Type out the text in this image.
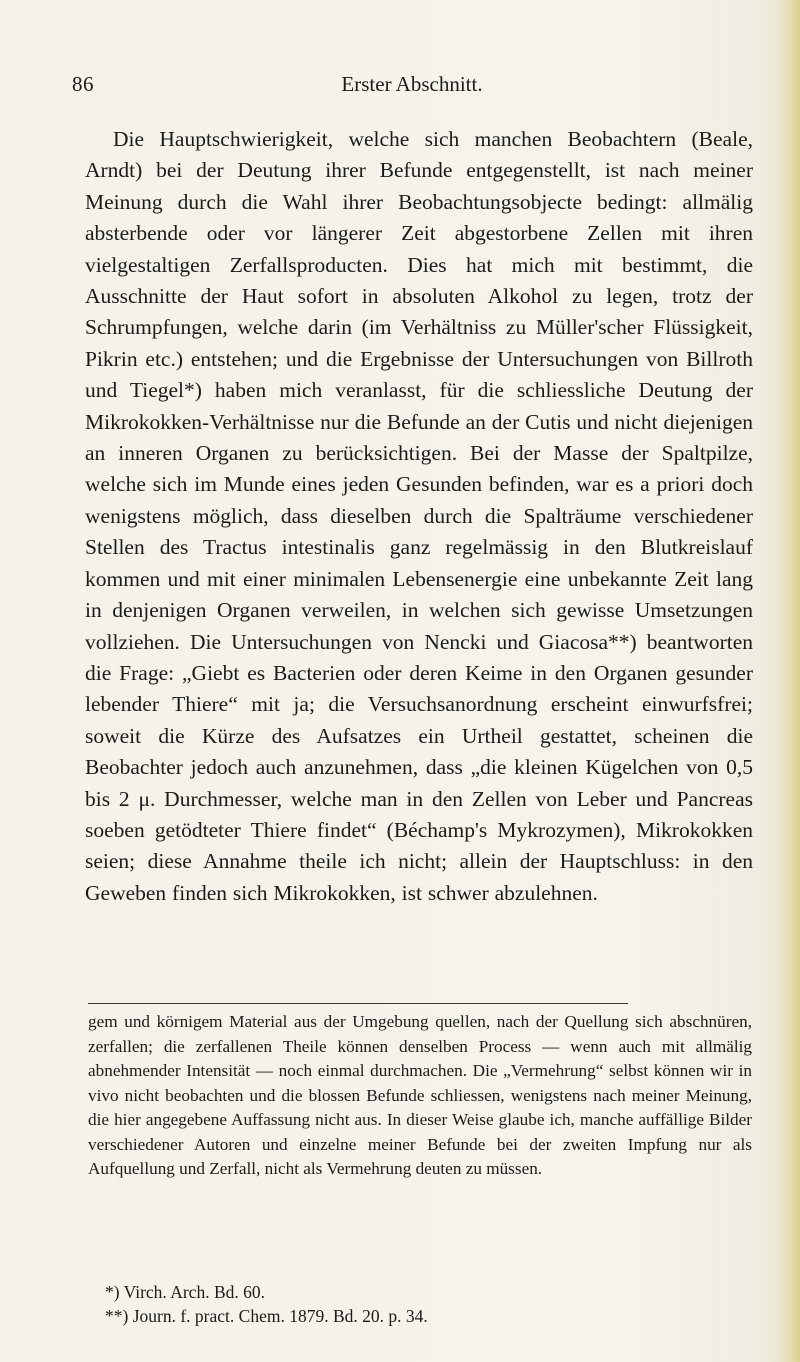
86	Erster Abschnitt.

Die Hauptschwierigkeit, welche sich manchen Beobachtern (Beale, Arndt) bei der Deutung ihrer Befunde entgegenstellt, ist nach meiner Meinung durch die Wahl ihrer Beobachtungsobjecte bedingt: allmälig absterbende oder vor längerer Zeit abgestorbene Zellen mit ihren vielgestaltigen Zerfallsproducten. Dies hat mich mit bestimmt, die Ausschnitte der Haut sofort in absoluten Alkohol zu legen, trotz der Schrumpfungen, welche darin (im Verhältniss zu Müller'scher Flüssigkeit, Pikrin etc.) entstehen; und die Ergebnisse der Untersuchungen von Billroth und Tiegel*) haben mich veranlasst, für die schliessliche Deutung der Mikrokokken-Verhältnisse nur die Befunde an der Cutis und nicht diejenigen an inneren Organen zu berücksichtigen. Bei der Masse der Spaltpilze, welche sich im Munde eines jeden Gesunden befinden, war es a priori doch wenigstens möglich, dass dieselben durch die Spalträume verschiedener Stellen des Tractus intestinalis ganz regelmässig in den Blutkreislauf kommen und mit einer minimalen Lebensenergie eine unbekannte Zeit lang in denjenigen Organen verweilen, in welchen sich gewisse Umsetzungen vollziehen. Die Untersuchungen von Nencki und Giacosa**) beantworten die Frage: „Giebt es Bacterien oder deren Keime in den Organen gesunder lebender Thiere“ mit ja; die Versuchsanordnung erscheint einwurfsfrei; soweit die Kürze des Aufsatzes ein Urtheil gestattet, scheinen die Beobachter jedoch auch anzunehmen, dass „die kleinen Kügelchen von 0,5 bis 2 μ. Durchmesser, welche man in den Zellen von Leber und Pancreas soeben getödteter Thiere findet“ (Béchamp's Mykrozymen), Mikrokokken seien; diese Annahme theile ich nicht; allein der Hauptschluss: in den Geweben finden sich Mikrokokken, ist schwer abzulehnen.

gem und körnigem Material aus der Umgebung quellen, nach der Quellung sich abschnüren, zerfallen; die zerfallenen Theile können denselben Process — wenn auch mit allmälig abnehmender Intensität — noch einmal durchmachen. Die „Vermehrung“ selbst können wir in vivo nicht beobachten und die blossen Befunde schliessen, wenigstens nach meiner Meinung, die hier angegebene Auffassung nicht aus. In dieser Weise glaube ich, manche auffällige Bilder verschiedener Autoren und einzelne meiner Befunde bei der zweiten Impfung nur als Aufquellung und Zerfall, nicht als Vermehrung deuten zu müssen.

*) Virch. Arch. Bd. 60.
**) Journ. f. pract. Chem. 1879. Bd. 20. p. 34.
